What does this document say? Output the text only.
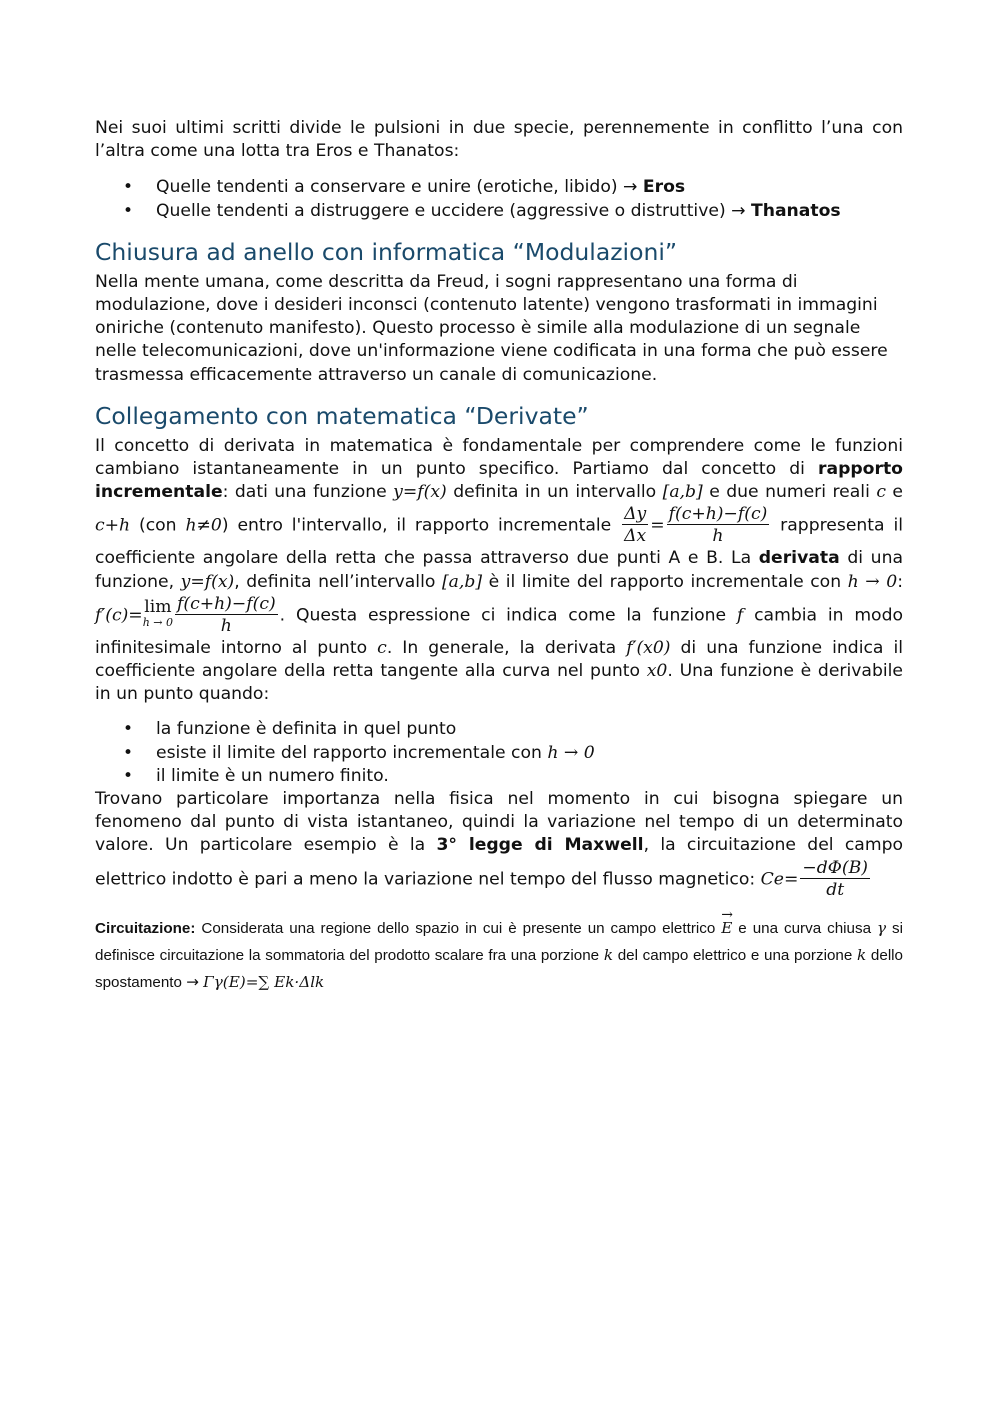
Nei suoi ultimi scritti divide le pulsioni in due specie, perennemente in conflitto l’una con l’altra come una lotta tra Eros e Thanatos:

• Quelle tendenti a conservare e unire (erotiche, libido) → Eros
• Quelle tendenti a distruggere e uccidere (aggressive o distruttive) → Thanatos
Chiusura ad anello con informatica “Modulazioni”

Nella mente umana, come descritta da Freud, i sogni rappresentano una forma di modulazione, dove i desideri inconsci (contenuto latente) vengono trasformati in immagini oniriche (contenuto manifesto). Questo processo è simile alla modulazione di un segnale nelle telecomunicazioni, dove un'informazione viene codificata in una forma che può essere trasmessa efficacemente attraverso un canale di comunicazione.

Collegamento con matematica “Derivate”

Il concetto di derivata in matematica è fondamentale per comprendere come le funzioni cambiano istantaneamente in un punto specifico. Partiamo dal concetto di rapporto incrementale: dati una funzione y=f(x) definita in un intervallo [a,b] e due numeri reali c e c+h (con h≠0) entro l'intervallo, il rapporto incrementale $\frac{\Delta y}{\Delta x} = \frac{f(c+h)-f(c)}{h}$ rappresenta il coefficiente angolare della retta che passa attraverso due punti A e B. La derivata di una funzione, y=f(x), definita nell’intervallo [a,b] è il limite del rapporto incrementale con h → 0: f′(c)=lim
$h \to 0 \frac{f(c+h)-f(c)}{h}$ . Questa espressione ci indica come la funzione f cambia in modo infinitesimale intorno al punto c. In generale, la derivata f′(x0) di una funzione indica il coefficiente angolare della retta tangente alla curva nel punto x0. Una funzione è derivabile in un punto quando:

• la funzione è definita in quel punto
• esiste il limite del rapporto incrementale con h → 0
• il limite è un numero finito.

Trovano particolare importanza nella fisica nel momento in cui bisogna spiegare un fenomeno dal punto di vista istantaneo, quindi la variazione nel tempo di un determinato valore. Un particolare esempio è la 3° legge di Maxwell, la circuitazione del campo elettrico indotto è pari a meno la variazione nel tempo del flusso magnetico: $Ce= \frac{-d\Phi(B)}{dt}$

Circuitazione: Considerata una regione dello spazio in cui è presente un campo elettrico → E e una curva chiusa γ si definisce circuitazione la sommatoria del prodotto scalare fra una porzione k del campo elettrico e una porzione k dello spostamento → Γγ(E)=∑ Ek·Δlk
